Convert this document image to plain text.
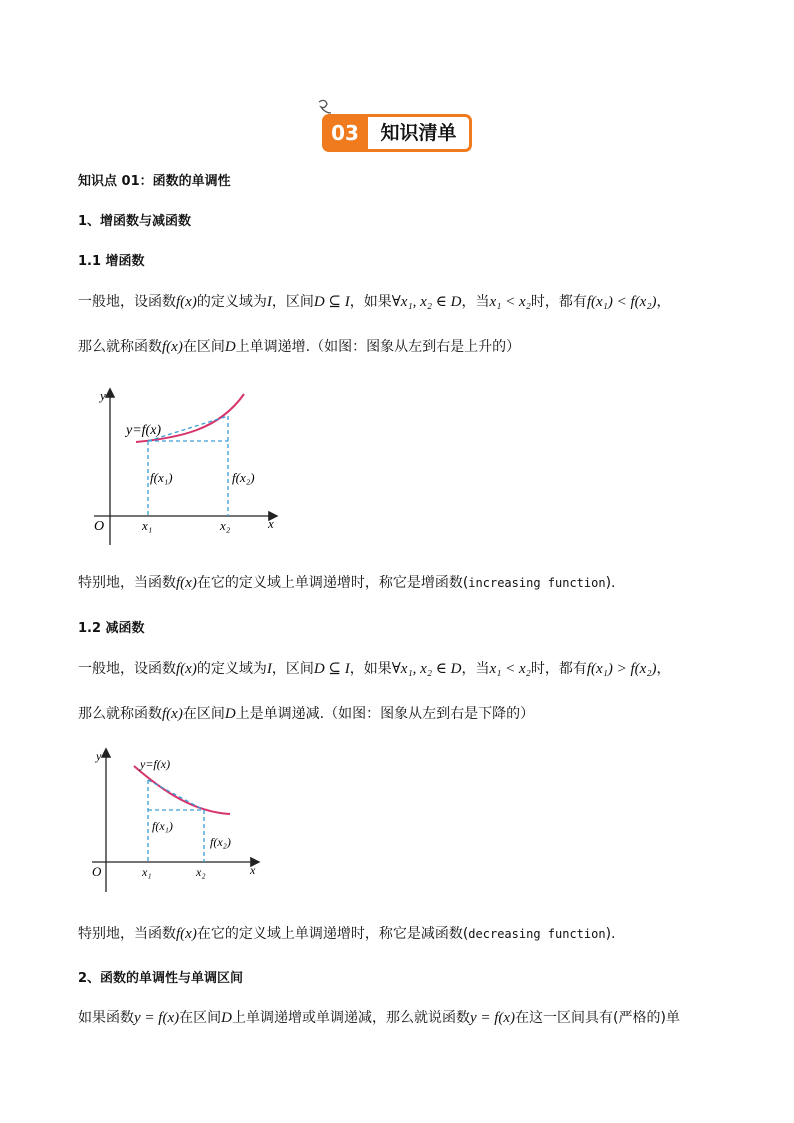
03	知识清单
知识点 01：函数的单调性
1、增函数与减函数
1.1 增函数
一般地，设函数f(x)的定义域为I，区间D ⊆ I，如果∀x₁, x₂ ∈ D，当x₁ < x₂时，都有f(x₁) < f(x₂)，
那么就称函数f(x)在区间D上单调递增.（如图：图象从左到右是上升的）
y
x
O
y=f(x)
x₁	x₂
f(x₁)	f(x₂)
特别地，当函数f(x)在它的定义域上单调递增时，称它是增函数(increasing function).
1.2 减函数
一般地，设函数f(x)的定义域为I，区间D ⊆ I，如果∀x₁, x₂ ∈ D，当x₁ < x₂时，都有f(x₁) > f(x₂)，
那么就称函数f(x)在区间D上是单调递减.（如图：图象从左到右是下降的）
y
x
O
y=f(x)
x₁	x₂
f(x₁)
f(x₂)
特别地，当函数f(x)在它的定义域上单调递增时，称它是减函数(decreasing function).
2、函数的单调性与单调区间
如果函数y = f(x)在区间D上单调递增或单调递减，那么就说函数y = f(x)在这一区间具有(严格的)单
